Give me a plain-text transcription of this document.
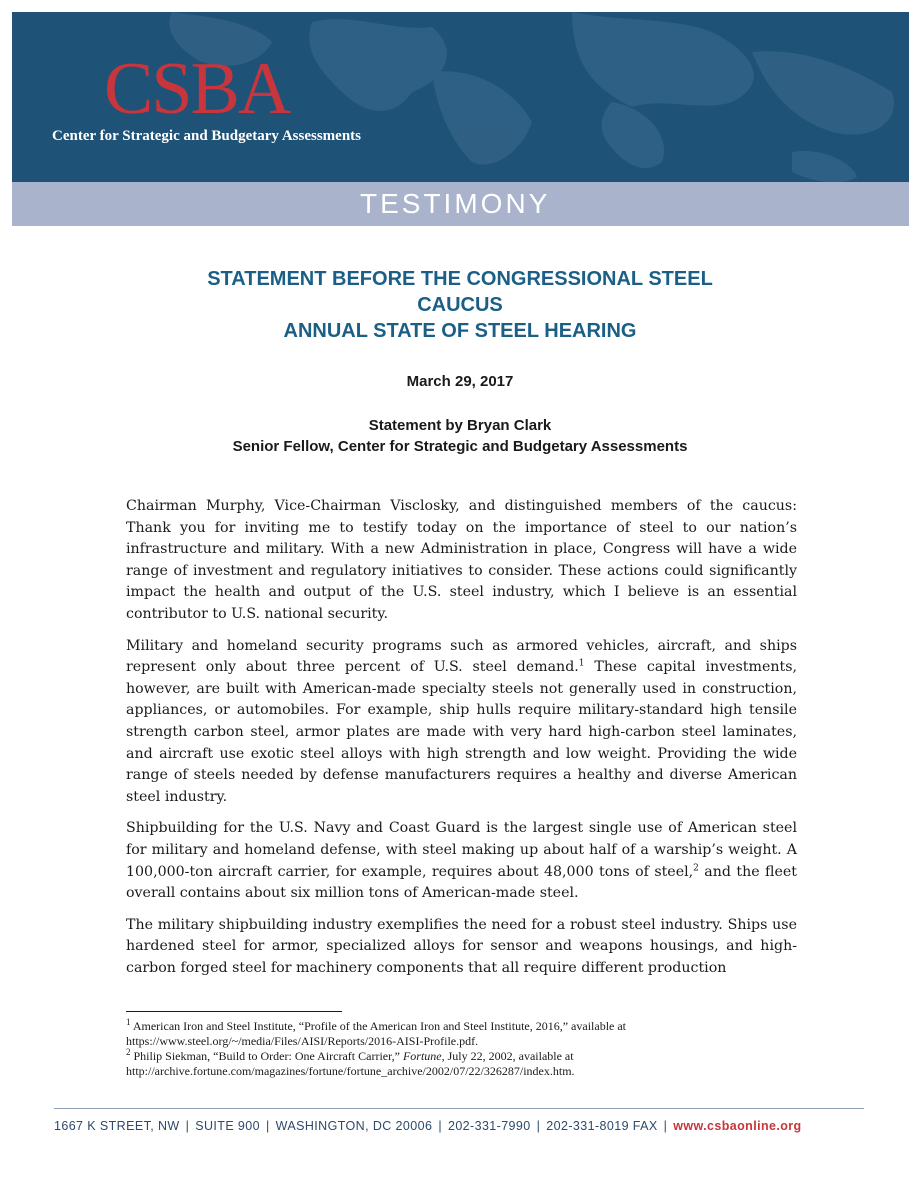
CSBA
Center for Strategic and Budgetary Assessments
TESTIMONY
STATEMENT BEFORE THE CONGRESSIONAL STEEL
CAUCUS
ANNUAL STATE OF STEEL HEARING
March 29, 2017
Statement by Bryan Clark
Senior Fellow, Center for Strategic and Budgetary Assessments

Chairman Murphy, Vice-Chairman Visclosky, and distinguished members of the caucus: Thank you for inviting me to testify today on the importance of steel to our nation’s infrastructure and military. With a new Administration in place, Congress will have a wide range of investment and regulatory initiatives to consider. These actions could significantly impact the health and output of the U.S. steel industry, which I believe is an essential contributor to U.S. national security.

Military and homeland security programs such as armored vehicles, aircraft, and ships represent only about three percent of U.S. steel demand.$^1$ These capital investments, however, are built with American-made specialty steels not generally used in construction, appliances, or automobiles. For example, ship hulls require military-standard high tensile strength carbon steel, armor plates are made with very hard high-carbon steel laminates, and aircraft use exotic steel alloys with high strength and low weight. Providing the wide range of steels needed by defense manufacturers requires a healthy and diverse American steel industry.

Shipbuilding for the U.S. Navy and Coast Guard is the largest single use of American steel for military and homeland defense, with steel making up about half of a warship’s weight. A 100,000-ton aircraft carrier, for example, requires about 48,000 tons of steel,$^2$ and the fleet overall contains about six million tons of American-made steel.

The military shipbuilding industry exemplifies the need for a robust steel industry. Ships use hardened steel for armor, specialized alloys for sensor and weapons housings, and high-carbon forged steel for machinery components that all require different production

$^1$ American Iron and Steel Institute, “Profile of the American Iron and Steel Institute, 2016,” available at https://www.steel.org/~/media/Files/AISI/Reports/2016-AISI-Profile.pdf.

$^2$ Philip Siekman, “Build to Order: One Aircraft Carrier,” Fortune, July 22, 2002, available at http://archive.fortune.com/magazines/fortune/fortune_archive/2002/07/22/326287/index.htm.

1667 K STREET, NW | SUITE 900 | WASHINGTON, DC 20006 | 202-331-7990 | 202-331-8019 FAX | www.csbaonline.org
